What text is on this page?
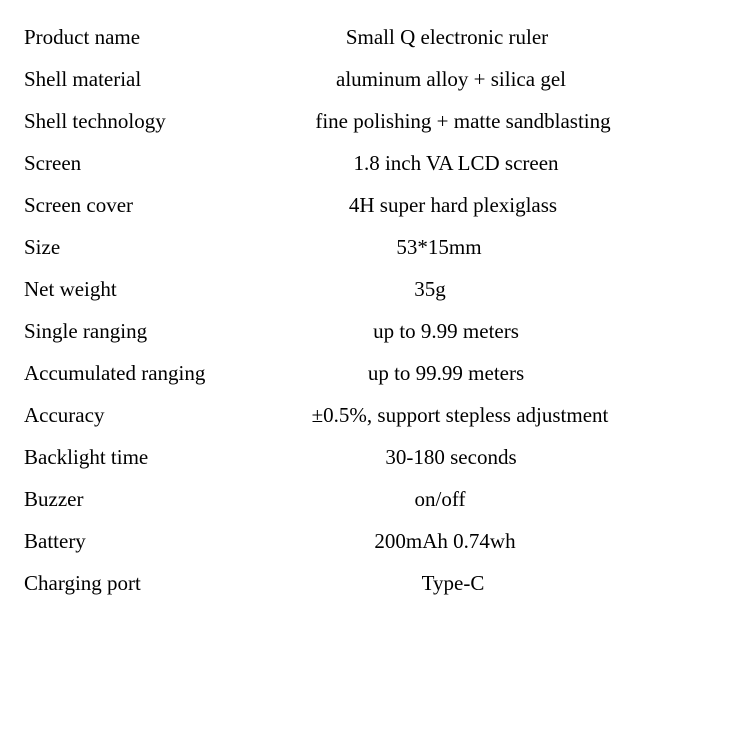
Product name	Small Q electronic ruler
Shell material	aluminum alloy + silica gel
Shell technology	fine polishing + matte sandblasting
Screen	1.8 inch VA LCD screen
Screen cover	4H super hard plexiglass
Size	53*15mm
Net weight	35g
Single ranging	up to 9.99 meters
Accumulated ranging	up to 99.99 meters
Accuracy	±0.5%, support stepless adjustment
Backlight time	30-180 seconds
Buzzer	on/off
Battery	200mAh 0.74wh
Charging port	Type-C
